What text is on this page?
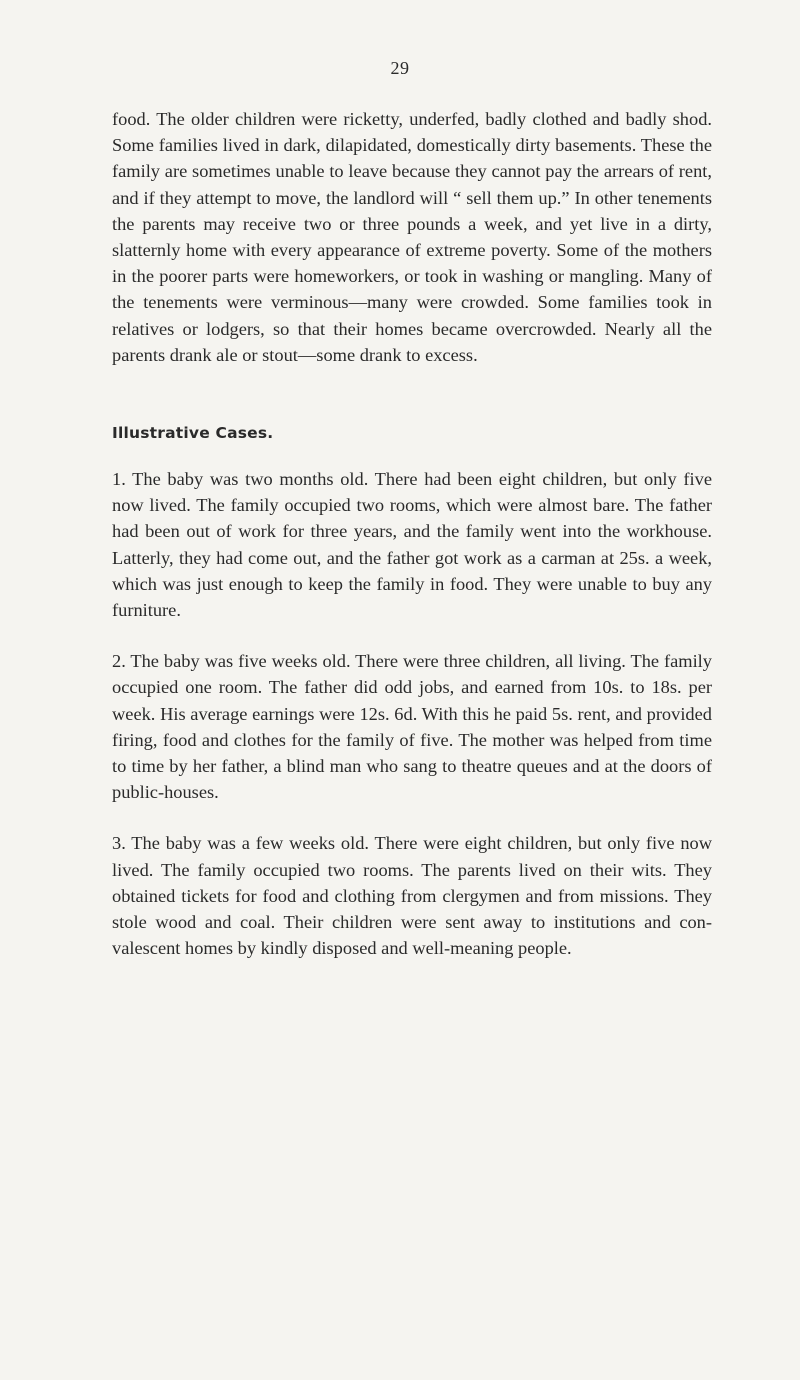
29

food. The older children were ricketty, underfed, badly clothed and badly shod. Some families lived in dark, dilapidated, domestically dirty basements. These the family are sometimes unable to leave because they cannot pay the arrears of rent, and if they attempt to move, the landlord will “ sell them up.” In other tenements the parents may receive two or three pounds a week, and yet live in a dirty, slatternly home with every appearance of extreme poverty. Some of the mothers in the poorer parts were homeworkers, or took in washing or mangling. Many of the tenements were verminous—many were crowded. Some families took in relatives or lodgers, so that their homes became overcrowded. Nearly all the parents drank ale or stout—some drank to excess.

Illustrative Cases.

1. The baby was two months old. There had been eight children, but only five now lived. The family occupied two rooms, which were almost bare. The father had been out of work for three years, and the family went into the workhouse. Latterly, they had come out, and the father got work as a carman at 25s. a week, which was just enough to keep the family in food. They were unable to buy any furniture.

2. The baby was five weeks old. There were three children, all living. The family occupied one room. The father did odd jobs, and earned from 10s. to 18s. per week. His average earnings were 12s. 6d. With this he paid 5s. rent, and provided firing, food and clothes for the family of five. The mother was helped from time to time by her father, a blind man who sang to theatre queues and at the doors of public-houses.

3. The baby was a few weeks old. There were eight children, but only five now lived. The family occupied two rooms. The parents lived on their wits. They obtained tickets for food and clothing from clergymen and from missions. They stole wood and coal. Their children were sent away to institutions and convalescent homes by kindly disposed and well-meaning people.
